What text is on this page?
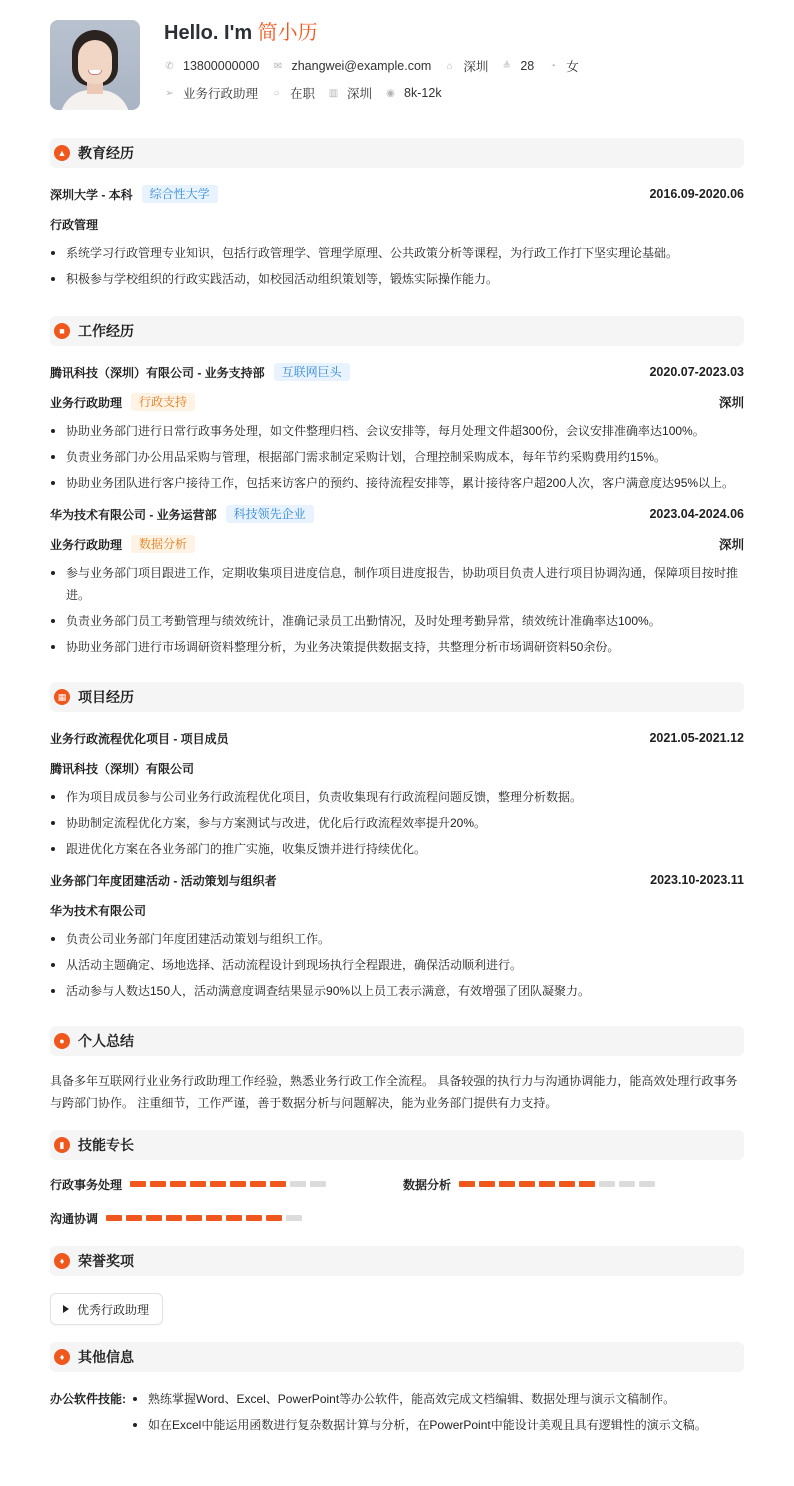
Hello. I'm 简小历
✆ 13800000000 ✉ zhangwei@example.com ⌂ 深圳 ≜ 28 ◔ 女
➢ 业务行政助理 ○ 在职 ▥ 深圳 ◉ 8k-12k
▲ 教育经历
深圳大学 - 本科	综合性大学	2016.09-2020.06
行政管理
系统学习行政管理专业知识，包括行政管理学、管理学原理、公共政策分析等课程，为行政工作打下坚实理论基础。
积极参与学校组织的行政实践活动，如校园活动组织策划等，锻炼实际操作能力。
■ 工作经历
腾讯科技（深圳）有限公司 - 业务支持部	互联网巨头	2020.07-2023.03
业务行政助理	行政支持	深圳
协助业务部门进行日常行政事务处理，如文件整理归档、会议安排等，每月处理文件超300份，会议安排准确率达100%。
负责业务部门办公用品采购与管理，根据部门需求制定采购计划，合理控制采购成本，每年节约采购费用约15%。
协助业务团队进行客户接待工作，包括来访客户的预约、接待流程安排等，累计接待客户超200人次，客户满意度达95%以上。
华为技术有限公司 - 业务运营部	科技领先企业	2023.04-2024.06
业务行政助理	数据分析	深圳
参与业务部门项目跟进工作，定期收集项目进度信息，制作项目进度报告，协助项目负责人进行项目协调沟通，保障项目按时推进。
负责业务部门员工考勤管理与绩效统计，准确记录员工出勤情况，及时处理考勤异常，绩效统计准确率达100%。
协助业务部门进行市场调研资料整理分析，为业务决策提供数据支持，共整理分析市场调研资料50余份。
▦ 项目经历
业务行政流程优化项目 - 项目成员	2021.05-2021.12
腾讯科技（深圳）有限公司
作为项目成员参与公司业务行政流程优化项目，负责收集现有行政流程问题反馈，整理分析数据。
协助制定流程优化方案，参与方案测试与改进，优化后行政流程效率提升20%。
跟进优化方案在各业务部门的推广实施，收集反馈并进行持续优化。
业务部门年度团建活动 - 活动策划与组织者	2023.10-2023.11
华为技术有限公司
负责公司业务部门年度团建活动策划与组织工作。
从活动主题确定、场地选择、活动流程设计到现场执行全程跟进，确保活动顺利进行。
活动参与人数达150人，活动满意度调查结果显示90%以上员工表示满意，有效增强了团队凝聚力。
● 个人总结
具备多年互联网行业业务行政助理工作经验，熟悉业务行政工作全流程。 具备较强的执行力与沟通协调能力，能高效处理行政事务与跨部门协作。 注重细节，工作严谨，善于数据分析与问题解决，能为业务部门提供有力支持。
▮ 技能专长
行政事务处理	数据分析
沟通协调
♦ 荣誉奖项
优秀行政助理
♦ 其他信息
办公软件技能:	熟练掌握Word、Excel、PowerPoint等办公软件，能高效完成文档编辑、数据处理与演示文稿制作。
如在Excel中能运用函数进行复杂数据计算与分析，在PowerPoint中能设计美观且具有逻辑性的演示文稿。
